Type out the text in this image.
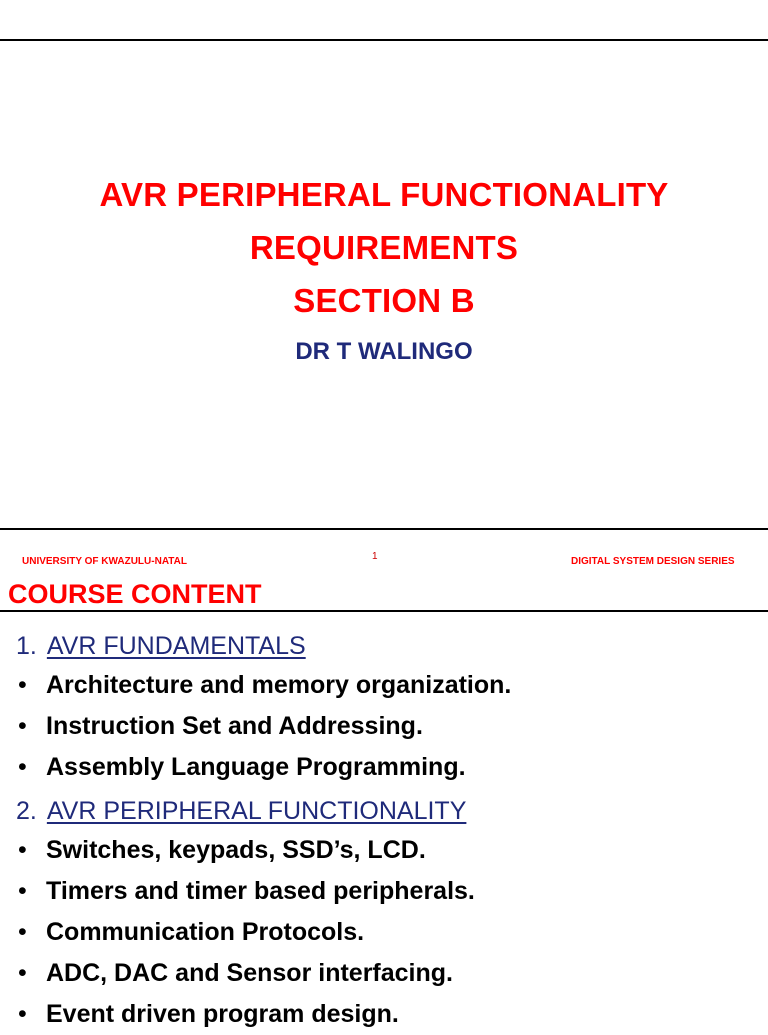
AVR PERIPHERAL FUNCTIONALITY
REQUIREMENTS
SECTION B
DR T WALINGO
UNIVERSITY OF KWAZULU-NATAL	1	DIGITAL SYSTEM DESIGN SERIES
COURSE CONTENT
1. AVR FUNDAMENTALS
• Architecture and memory organization.
• Instruction Set and Addressing.
• Assembly Language Programming.
2. AVR PERIPHERAL FUNCTIONALITY
• Switches, keypads, SSD’s, LCD.
• Timers and timer based peripherals.
• Communication Protocols.
• ADC, DAC and Sensor interfacing.
• Event driven program design.
